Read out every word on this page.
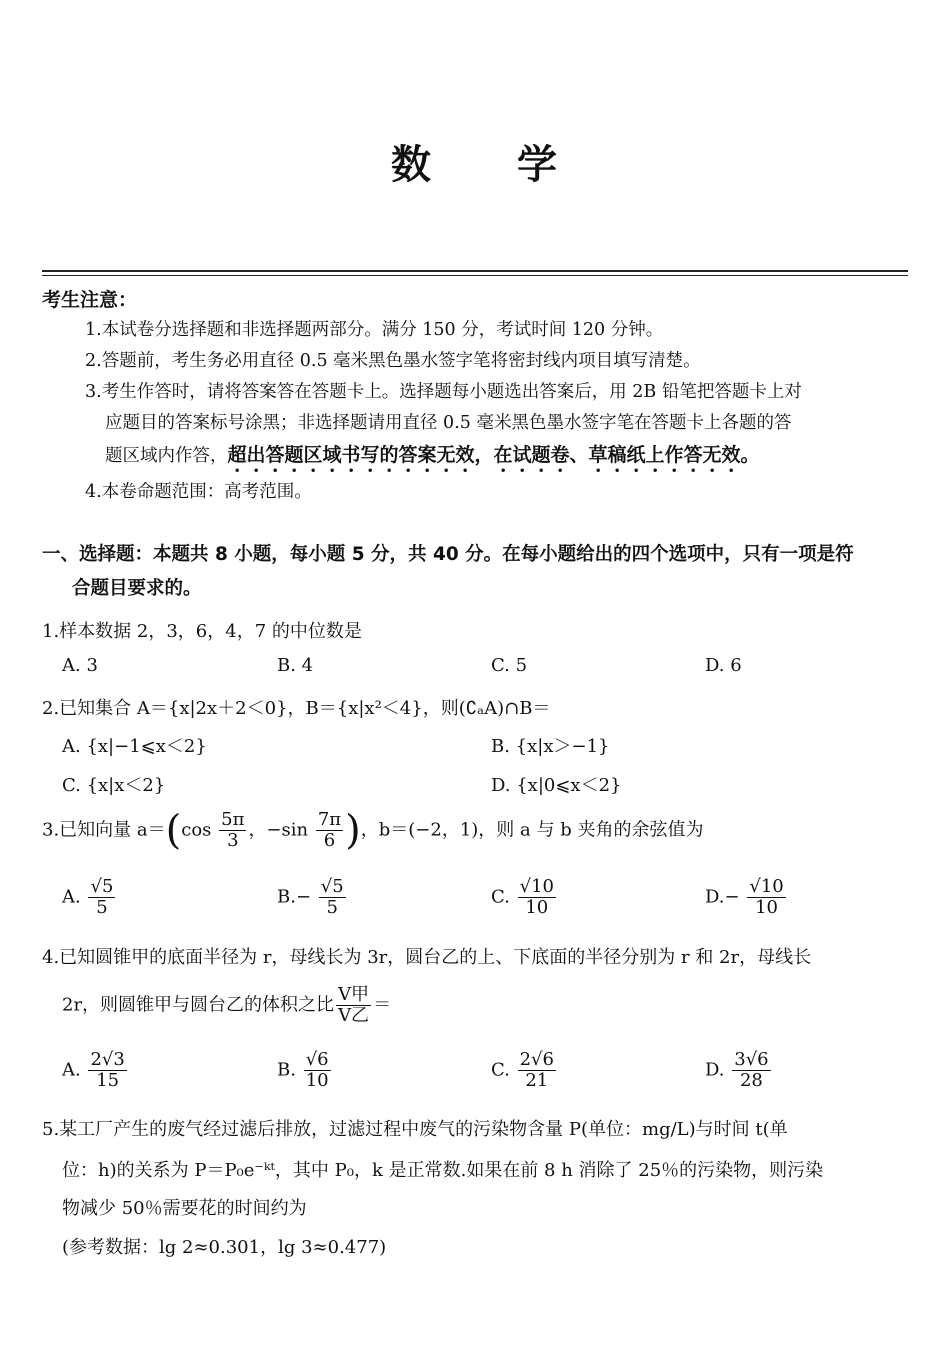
数　　学
考生注意：
1.本试卷分选择题和非选择题两部分。满分 150 分，考试时间 120 分钟。
2.答题前，考生务必用直径 0.5 毫米黑色墨水签字笔将密封线内项目填写清楚。
3.考生作答时，请将答案答在答题卡上。选择题每小题选出答案后，用 2B 铅笔把答题卡上对
应题目的答案标号涂黑；非选择题请用直径 0.5 毫米黑色墨水签字笔在答题卡上各题的答
题区域内作答，超出答题区域书写的答案无效，在试题卷、草稿纸上作答无效。
4.本卷命题范围：高考范围。
一、选择题：本题共 8 小题，每小题 5 分，共 40 分。在每小题给出的四个选项中，只有一项是符
合题目要求的。
1.样本数据 2，3，6，4，7 的中位数是
A. 3	B. 4	C. 5	D. 6
2.已知集合 A＝{x|2x＋2＜0}，B＝{x|x²＜4}，则(∁ₐA)∩B＝
A. {x|−1⩽x＜2}	B. {x|x＞−1}
C. {x|x＜2}	D. {x|0⩽x＜2}
3.已知向量 $a=(\cos \frac{5\pi}{3}$ ，$-\sin \frac{7\pi}{6}$ )，b＝(−2，1)，则 a 与 b 夹角的余弦值为
A. $\frac{√5}{5}$	$B.- \frac{√5}{5}$	C. $\frac{√10}{10}$	$D.- \frac{√10}{10}$
4.已知圆锥甲的底面半径为 r，母线长为 3r，圆台乙的上、下底面的半径分别为 r 和 2r，母线长
2r，则圆锥甲与圆台乙的体积之比 $\frac{\text{V甲}}{\text{V乙}}$ ＝
A. $\frac{2√3}{15}$	B. $\frac{√6}{10}$	C. $\frac{2√6}{21}$	D. $\frac{3√6}{28}$
5.某工厂产生的废气经过滤后排放，过滤过程中废气的污染物含量 P(单位：mg/L)与时间 t(单
位：h)的关系为 P＝P₀e⁻ᵏᵗ，其中 P₀，k 是正常数.如果在前 8 h 消除了 25％的污染物，则污染
物减少 50％需要花的时间约为
(参考数据：lg 2≈0.301，lg 3≈0.477)
